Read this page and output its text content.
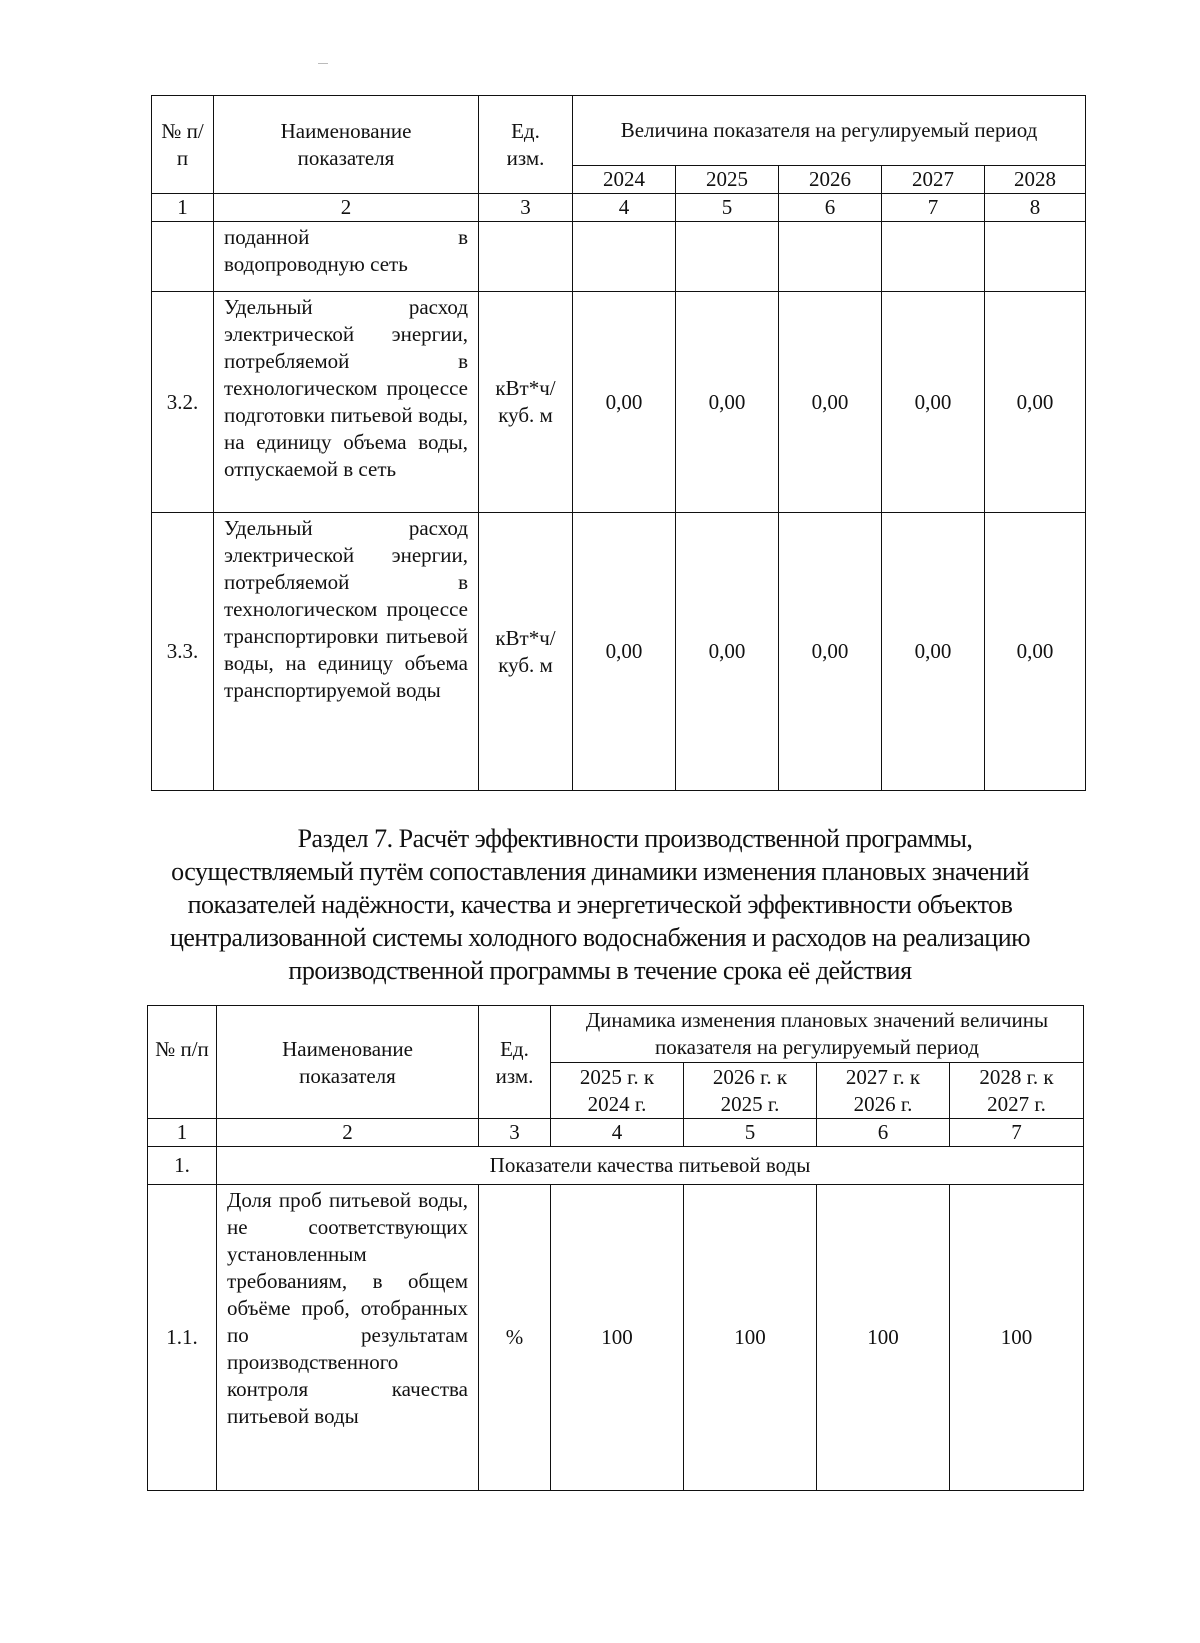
№ п/п	Наименование показателя	Ед. изм.	Величина показателя на регулируемый период				
			2024	2025	2026	2027	2028
1	2	3	4	5	6	7	8
	поданной в водопроводную сеть						
3.2.	Удельный расход электрической энергии, потребляемой в технологическом процессе подготовки питьевой воды, на единицу объема воды, отпускаемой в сеть	кВт*ч/ куб. м	0,00	0,00	0,00	0,00	0,00
3.3.	Удельный расход электрической энергии, потребляемой в технологическом процессе транспортировки питьевой воды, на единицу объема транспортируемой воды	кВт*ч/ куб. м	0,00	0,00	0,00	0,00	0,00
Раздел 7. Расчёт эффективности производственной программы,
осуществляемый путём сопоставления динамики изменения плановых значений
показателей надёжности, качества и энергетической эффективности объектов
централизованной системы холодного водоснабжения и расходов на реализацию
производственной программы в течение срока её действия
№ п/п	Наименование показателя	Ед. изм.	Динамика изменения плановых значений величины показателя на регулируемый период			
			2025 г. к 2024 г.	2026 г. к 2025 г.	2027 г. к 2026 г.	2028 г. к 2027 г.
1	2	3	4	5	6	7
1.	Показатели качества питьевой воды					
1.1.	Доля проб питьевой воды, не соответствующих установленным требованиям, в общем объёме проб, отобранных по результатам производственного контроля качества питьевой воды	%	100	100	100	100
